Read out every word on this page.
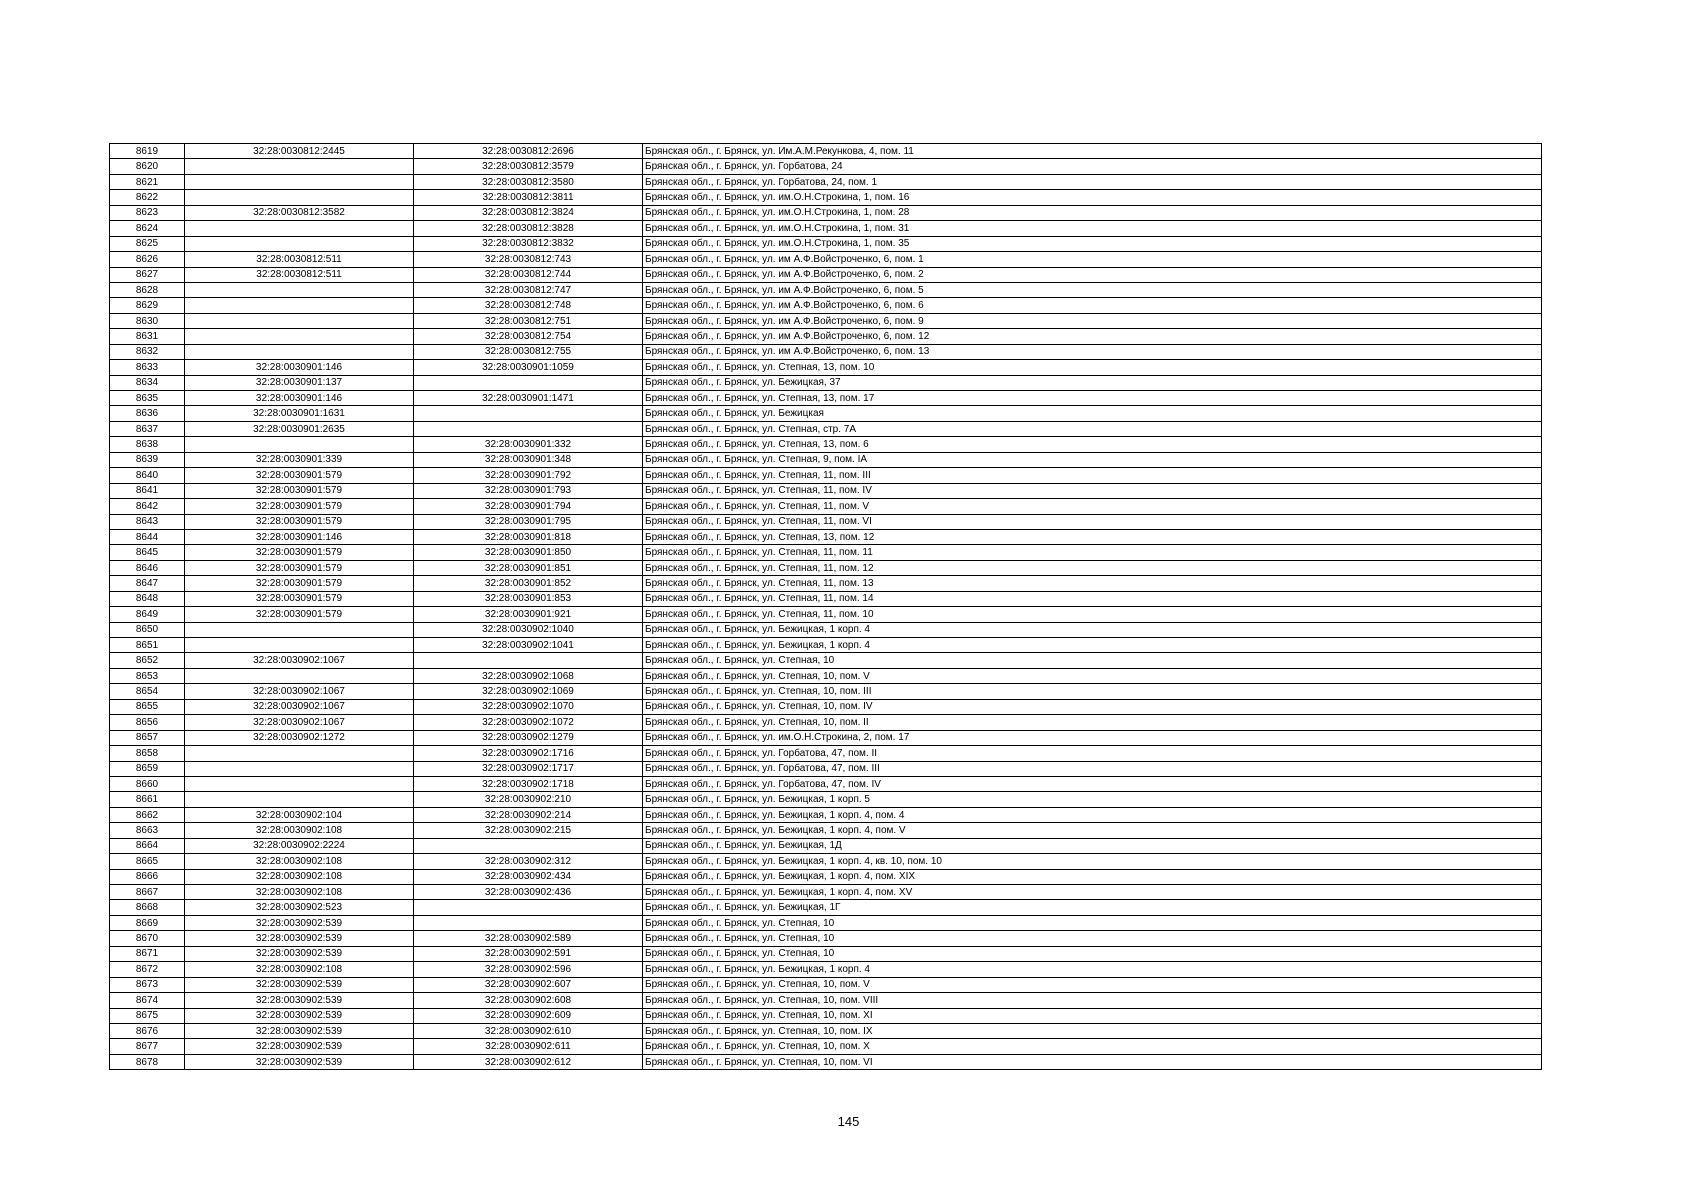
8619	32:28:0030812:2445	32:28:0030812:2696	Брянская обл., г. Брянск, ул. Им.А.М.Рекункова, 4, пом. 11
8620		32:28:0030812:3579	Брянская обл., г. Брянск, ул. Горбатова, 24
8621		32:28:0030812:3580	Брянская обл., г. Брянск, ул. Горбатова, 24, пом. 1
8622		32:28:0030812:3811	Брянская обл., г. Брянск, ул. им.О.Н.Строкина, 1, пом. 16
8623	32:28:0030812:3582	32:28:0030812:3824	Брянская обл., г. Брянск, ул. им.О.Н.Строкина, 1, пом. 28
8624		32:28:0030812:3828	Брянская обл., г. Брянск, ул. им.О.Н.Строкина, 1, пом. 31
8625		32:28:0030812:3832	Брянская обл., г. Брянск, ул. им.О.Н.Строкина, 1, пом. 35
8626	32:28:0030812:511	32:28:0030812:743	Брянская обл., г. Брянск, ул. им А.Ф.Войстроченко, 6, пом. 1
8627	32:28:0030812:511	32:28:0030812:744	Брянская обл., г. Брянск, ул. им А.Ф.Войстроченко, 6, пом. 2
8628		32:28:0030812:747	Брянская обл., г. Брянск, ул. им А.Ф.Войстроченко, 6, пом. 5
8629		32:28:0030812:748	Брянская обл., г. Брянск, ул. им А.Ф.Войстроченко, 6, пом. 6
8630		32:28:0030812:751	Брянская обл., г. Брянск, ул. им А.Ф.Войстроченко, 6, пом. 9
8631		32:28:0030812:754	Брянская обл., г. Брянск, ул. им А.Ф.Войстроченко, 6, пом. 12
8632		32:28:0030812:755	Брянская обл., г. Брянск, ул. им А.Ф.Войстроченко, 6, пом. 13
8633	32:28:0030901:146	32:28:0030901:1059	Брянская обл., г. Брянск, ул. Степная, 13, пом. 10
8634	32:28:0030901:137		Брянская обл., г. Брянск, ул. Бежицкая, 37
8635	32:28:0030901:146	32:28:0030901:1471	Брянская обл., г. Брянск, ул. Степная, 13, пом. 17
8636	32:28:0030901:1631		Брянская обл., г. Брянск, ул. Бежицкая
8637	32:28:0030901:2635		Брянская обл., г. Брянск, ул. Степная, стр. 7А
8638		32:28:0030901:332	Брянская обл., г. Брянск, ул. Степная, 13, пом. 6
8639	32:28:0030901:339	32:28:0030901:348	Брянская обл., г. Брянск, ул. Степная, 9, пом. IА
8640	32:28:0030901:579	32:28:0030901:792	Брянская обл., г. Брянск, ул. Степная, 11, пом. III
8641	32:28:0030901:579	32:28:0030901:793	Брянская обл., г. Брянск, ул. Степная, 11, пом. IV
8642	32:28:0030901:579	32:28:0030901:794	Брянская обл., г. Брянск, ул. Степная, 11, пом. V
8643	32:28:0030901:579	32:28:0030901:795	Брянская обл., г. Брянск, ул. Степная, 11, пом. VI
8644	32:28:0030901:146	32:28:0030901:818	Брянская обл., г. Брянск, ул. Степная, 13, пом. 12
8645	32:28:0030901:579	32:28:0030901:850	Брянская обл., г. Брянск, ул. Степная, 11, пом. 11
8646	32:28:0030901:579	32:28:0030901:851	Брянская обл., г. Брянск, ул. Степная, 11, пом. 12
8647	32:28:0030901:579	32:28:0030901:852	Брянская обл., г. Брянск, ул. Степная, 11, пом. 13
8648	32:28:0030901:579	32:28:0030901:853	Брянская обл., г. Брянск, ул. Степная, 11, пом. 14
8649	32:28:0030901:579	32:28:0030901:921	Брянская обл., г. Брянск, ул. Степная, 11, пом. 10
8650		32:28:0030902:1040	Брянская обл., г. Брянск, ул. Бежицкая, 1 корп. 4
8651		32:28:0030902:1041	Брянская обл., г. Брянск, ул. Бежицкая, 1 корп. 4
8652	32:28:0030902:1067		Брянская обл., г. Брянск, ул. Степная, 10
8653		32:28:0030902:1068	Брянская обл., г. Брянск, ул. Степная, 10, пом. V
8654	32:28:0030902:1067	32:28:0030902:1069	Брянская обл., г. Брянск, ул. Степная, 10, пом. III
8655	32:28:0030902:1067	32:28:0030902:1070	Брянская обл., г. Брянск, ул. Степная, 10, пом. IV
8656	32:28:0030902:1067	32:28:0030902:1072	Брянская обл., г. Брянск, ул. Степная, 10, пом. II
8657	32:28:0030902:1272	32:28:0030902:1279	Брянская обл., г. Брянск, ул. им.О.Н.Строкина, 2, пом. 17
8658		32:28:0030902:1716	Брянская обл., г. Брянск, ул. Горбатова, 47, пом. II
8659		32:28:0030902:1717	Брянская обл., г. Брянск, ул. Горбатова, 47, пом. III
8660		32:28:0030902:1718	Брянская обл., г. Брянск, ул. Горбатова, 47, пом. IV
8661		32:28:0030902:210	Брянская обл., г. Брянск, ул. Бежицкая, 1 корп. 5
8662	32:28:0030902:104	32:28:0030902:214	Брянская обл., г. Брянск, ул. Бежицкая, 1 корп. 4, пом. 4
8663	32:28:0030902:108	32:28:0030902:215	Брянская обл., г. Брянск, ул. Бежицкая, 1 корп. 4, пом. V
8664	32:28:0030902:2224		Брянская обл., г. Брянск, ул. Бежицкая, 1Д
8665	32:28:0030902:108	32:28:0030902:312	Брянская обл., г. Брянск, ул. Бежицкая, 1 корп. 4, кв. 10, пом. 10
8666	32:28:0030902:108	32:28:0030902:434	Брянская обл., г. Брянск, ул. Бежицкая, 1 корп. 4, пом. XIX
8667	32:28:0030902:108	32:28:0030902:436	Брянская обл., г. Брянск, ул. Бежицкая, 1 корп. 4, пом. XV
8668	32:28:0030902:523		Брянская обл., г. Брянск, ул. Бежицкая, 1Г
8669	32:28:0030902:539		Брянская обл., г. Брянск, ул. Степная, 10
8670	32:28:0030902:539	32:28:0030902:589	Брянская обл., г. Брянск, ул. Степная, 10
8671	32:28:0030902:539	32:28:0030902:591	Брянская обл., г. Брянск, ул. Степная, 10
8672	32:28:0030902:108	32:28:0030902:596	Брянская обл., г. Брянск, ул. Бежицкая, 1 корп. 4
8673	32:28:0030902:539	32:28:0030902:607	Брянская обл., г. Брянск, ул. Степная, 10, пом. V
8674	32:28:0030902:539	32:28:0030902:608	Брянская обл., г. Брянск, ул. Степная, 10, пом. VIII
8675	32:28:0030902:539	32:28:0030902:609	Брянская обл., г. Брянск, ул. Степная, 10, пом. XI
8676	32:28:0030902:539	32:28:0030902:610	Брянская обл., г. Брянск, ул. Степная, 10, пом. IX
8677	32:28:0030902:539	32:28:0030902:611	Брянская обл., г. Брянск, ул. Степная, 10, пом. X
8678	32:28:0030902:539	32:28:0030902:612	Брянская обл., г. Брянск, ул. Степная, 10, пом. VI
145
